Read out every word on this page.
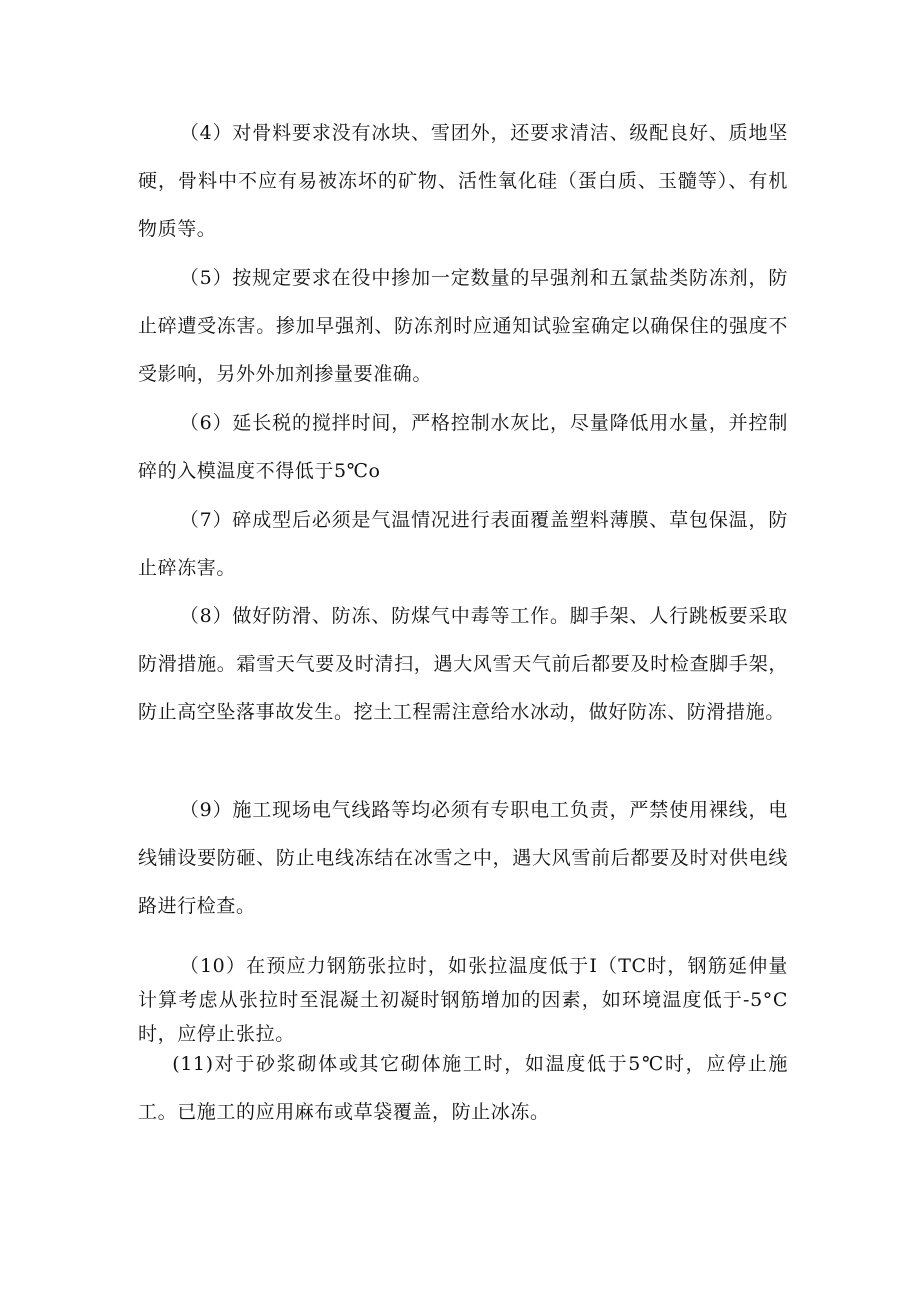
（4）对骨料要求没有冰块、雪团外，还要求清洁、级配良好、质地坚硬，骨料中不应有易被冻坏的矿物、活性氧化硅（蛋白质、玉髓等）、有机物质等。

（5）按规定要求在役中掺加一定数量的早强剂和五氯盐类防冻剂，防止碎遭受冻害。掺加早强剂、防冻剂时应通知试验室确定以确保住的强度不受影响，另外外加剂掺量要准确。

（6）延长税的搅拌时间，严格控制水灰比，尽量降低用水量，并控制碎的入模温度不得低于5℃o

（7）碎成型后必须是气温情况进行表面覆盖塑料薄膜、草包保温，防止碎冻害。

（8）做好防滑、防冻、防煤气中毒等工作。脚手架、人行跳板要采取防滑措施。霜雪天气要及时清扫，遇大风雪天气前后都要及时检查脚手架，防止高空坠落事故发生。挖土工程需注意给水冰动，做好防冻、防滑措施。

（9）施工现场电气线路等均必须有专职电工负责，严禁使用裸线，电线铺设要防砸、防止电线冻结在冰雪之中，遇大风雪前后都要及时对供电线路进行检查。

（10）在预应力钢筋张拉时，如张拉温度低于I（TC时，钢筋延伸量计算考虑从张拉时至混凝土初凝时钢筋增加的因素，如环境温度低于-5°C时，应停止张拉。

(11)对于砂浆砌体或其它砌体施工时，如温度低于5℃时，应停止施工。已施工的应用麻布或草袋覆盖，防止冰冻。
